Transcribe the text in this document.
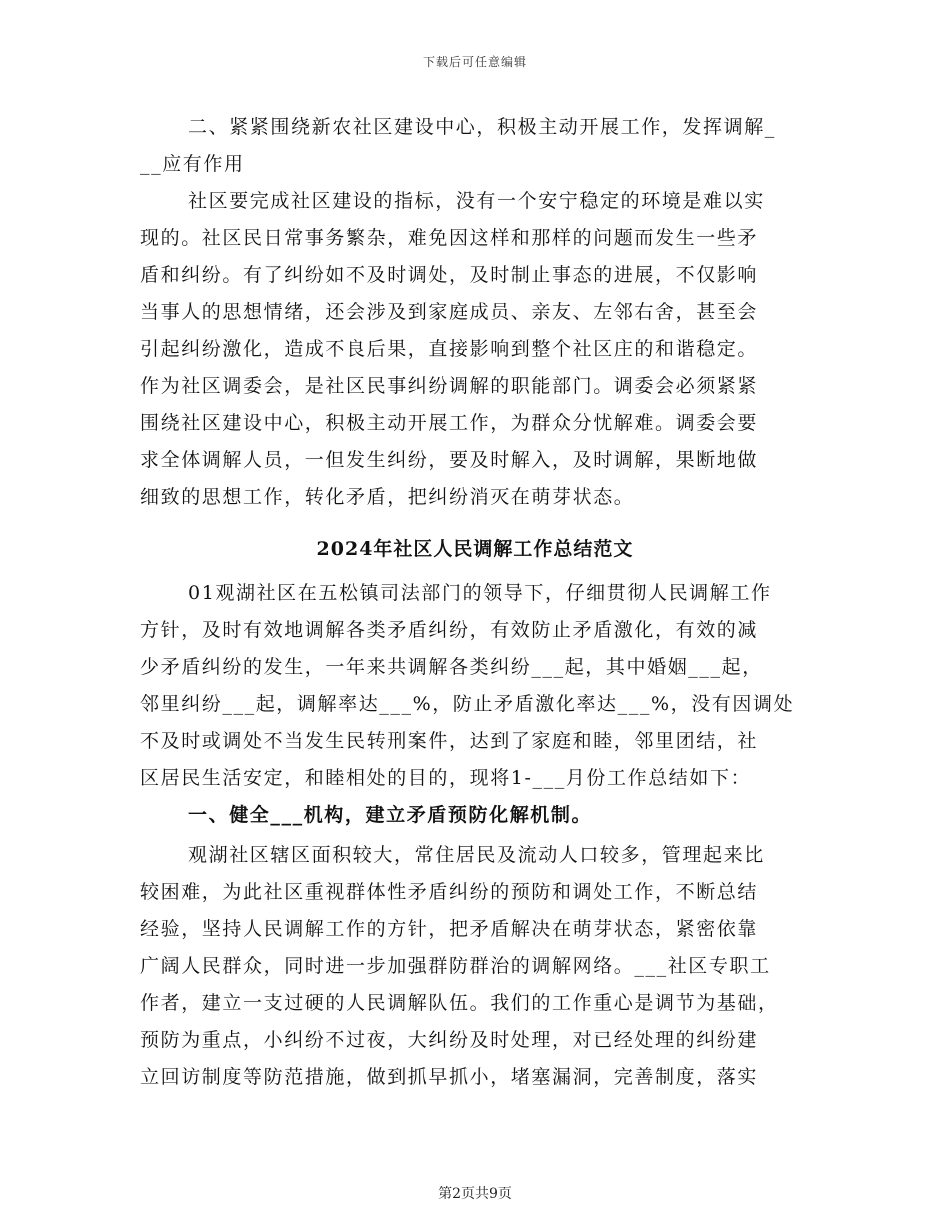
下载后可任意编辑
二、紧紧围绕新农社区建设中心，积极主动开展工作，发挥调解_
__应有作用
社区要完成社区建设的指标，没有一个安宁稳定的环境是难以实
现的。社区民日常事务繁杂，难免因这样和那样的问题而发生一些矛
盾和纠纷。有了纠纷如不及时调处，及时制止事态的进展，不仅影响
当事人的思想情绪，还会涉及到家庭成员、亲友、左邻右舍，甚至会
引起纠纷激化，造成不良后果，直接影响到整个社区庄的和谐稳定。
作为社区调委会，是社区民事纠纷调解的职能部门。调委会必须紧紧
围绕社区建设中心，积极主动开展工作，为群众分忧解难。调委会要
求全体调解人员，一但发生纠纷，要及时解入，及时调解，果断地做
细致的思想工作，转化矛盾，把纠纷消灭在萌芽状态。
2024年社区人民调解工作总结范文
01观湖社区在五松镇司法部门的领导下，仔细贯彻人民调解工作
方针，及时有效地调解各类矛盾纠纷，有效防止矛盾激化，有效的减
少矛盾纠纷的发生，一年来共调解各类纠纷___起，其中婚姻___起，
邻里纠纷___起，调解率达___%，防止矛盾激化率达___%，没有因调处
不及时或调处不当发生民转刑案件，达到了家庭和睦，邻里团结，社
区居民生活安定，和睦相处的目的，现将1-___月份工作总结如下：
一、健全___机构，建立矛盾预防化解机制。
观湖社区辖区面积较大，常住居民及流动人口较多，管理起来比
较困难，为此社区重视群体性矛盾纠纷的预防和调处工作，不断总结
经验，坚持人民调解工作的方针，把矛盾解决在萌芽状态，紧密依靠
广阔人民群众，同时进一步加强群防群治的调解网络。___社区专职工
作者，建立一支过硬的人民调解队伍。我们的工作重心是调节为基础，
预防为重点，小纠纷不过夜，大纠纷及时处理，对已经处理的纠纷建
立回访制度等防范措施，做到抓早抓小，堵塞漏洞，完善制度，落实
第2页共9页
